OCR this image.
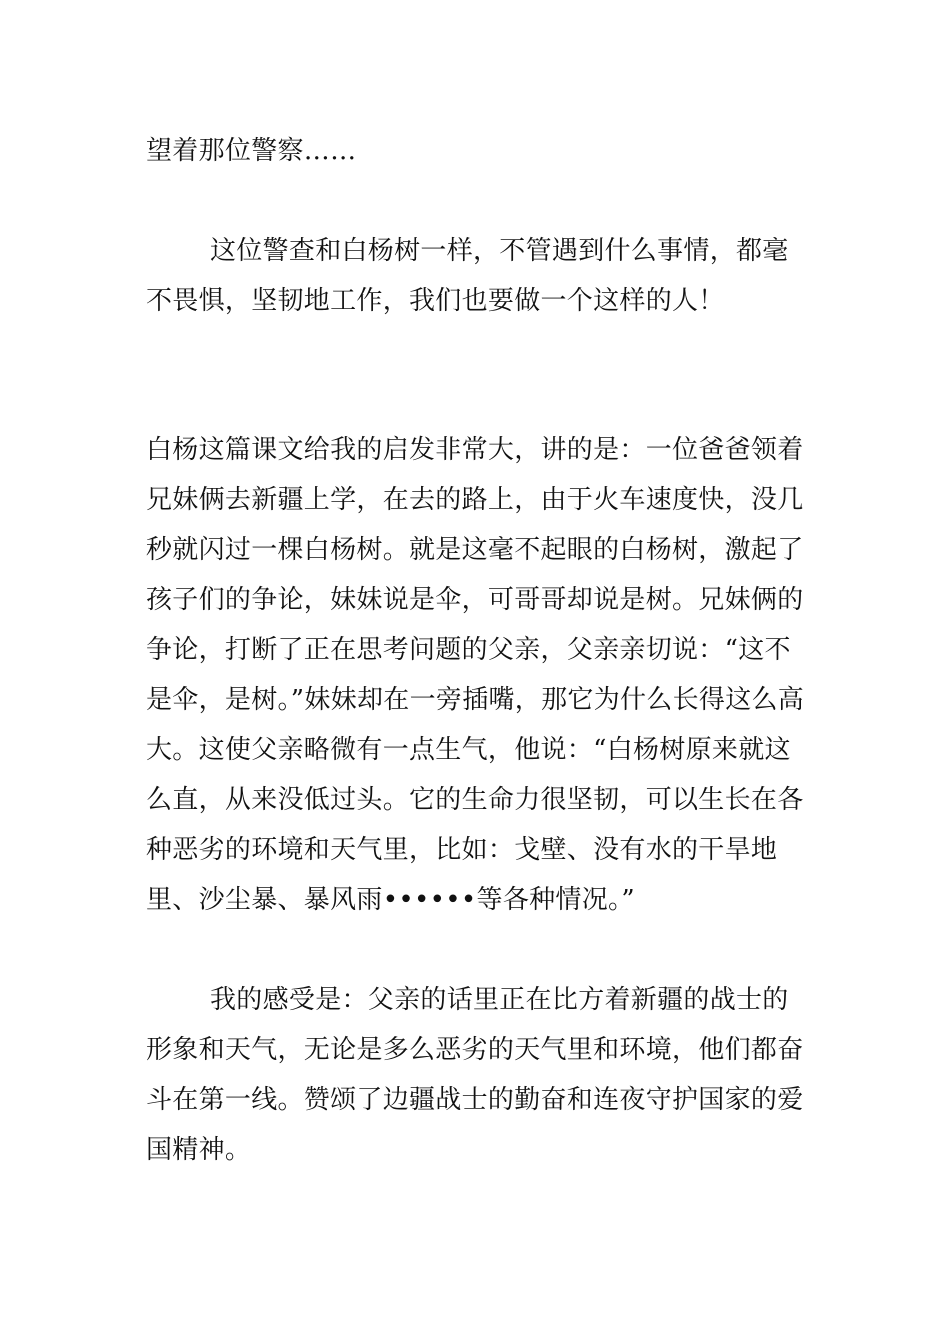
望着那位警察……

这位警查和白杨树一样，不管遇到什么事情，都毫不畏惧，坚韧地工作，我们也要做一个这样的人！

白杨这篇课文给我的启发非常大，讲的是：一位爸爸领着兄妹俩去新疆上学，在去的路上，由于火车速度快，没几秒就闪过一棵白杨树。就是这毫不起眼的白杨树，激起了孩子们的争论，妹妹说是伞，可哥哥却说是树。兄妹俩的争论，打断了正在思考问题的父亲，父亲亲切说：“这不是伞，是树。”妹妹却在一旁插嘴，那它为什么长得这么高大。这使父亲略微有一点生气，他说：“白杨树原来就这么直，从来没低过头。它的生命力很坚韧，可以生长在各种恶劣的环境和天气里，比如：戈壁、没有水的干旱地里、沙尘暴、暴风雨••••••等各种情况。”

我的感受是：父亲的话里正在比方着新疆的战士的形象和天气，无论是多么恶劣的天气里和环境，他们都奋斗在第一线。赞颂了边疆战士的勤奋和连夜守护国家的爱国精神。
